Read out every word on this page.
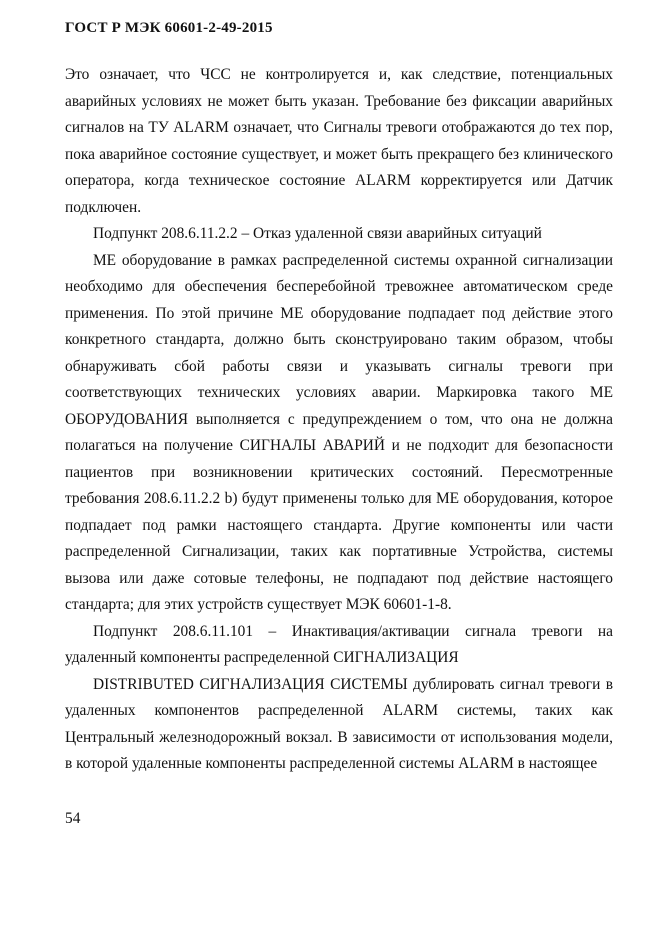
ГОСТ Р МЭК 60601-2-49-2015

Это означает, что ЧСС не контролируется и, как следствие, потенциальных аварийных условиях не может быть указан. Требование без фиксации аварийных сигналов на ТУ ALARM означает, что Сигналы тревоги отображаются до тех пор, пока аварийное состояние существует, и может быть прекращего без клинического оператора, когда техническое состояние ALARM корректируется или Датчик подключен.

Подпункт 208.6.11.2.2 – Отказ удаленной связи аварийных ситуаций

ME оборудование в рамках распределенной системы охранной сигнализации необходимо для обеспечения бесперебойной тревожнее автоматическом среде применения. По этой причине ME оборудование подпадает под действие этого конкретного стандарта, должно быть сконструировано таким образом, чтобы обнаруживать сбой работы связи и указывать сигналы тревоги при соответствующих технических условиях аварии. Маркировка такого ME ОБОРУДОВАНИЯ выполняется с предупреждением о том, что она не должна полагаться на получение СИГНАЛЫ АВАРИЙ и не подходит для безопасности пациентов при возникновении критических состояний. Пересмотренные требования 208.6.11.2.2 b) будут применены только для ME оборудования, которое подпадает под рамки настоящего стандарта. Другие компоненты или части распределенной Сигнализации, таких как портативные Устройства, системы вызова или даже сотовые телефоны, не подпадают под действие настоящего стандарта; для этих устройств существует МЭК 60601-1-8.

Подпункт 208.6.11.101 – Инактивация/активации сигнала тревоги на удаленный компоненты распределенной СИГНАЛИЗАЦИЯ

DISTRIBUTED СИГНАЛИЗАЦИЯ СИСТЕМЫ дублировать сигнал тревоги в удаленных компонентов распределенной ALARM системы, таких как Центральный железнодорожный вокзал. В зависимости от использования модели, в которой удаленные компоненты распределенной системы ALARM в настоящее

54
